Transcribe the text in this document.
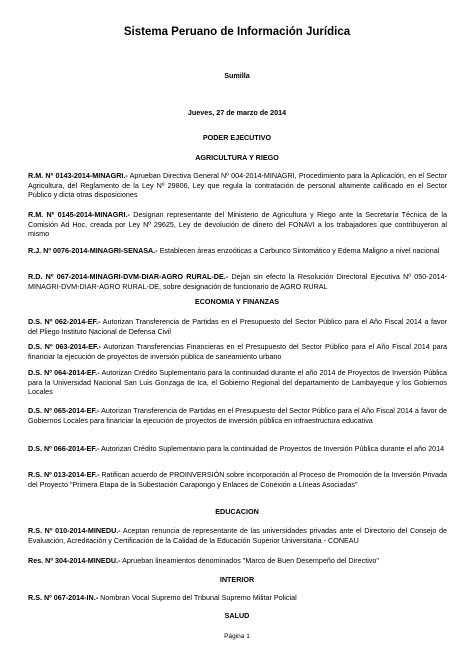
Sistema Peruano de Información Jurídica
Sumilla
Jueves, 27 de marzo de 2014
PODER EJECUTIVO
AGRICULTURA Y RIEGO
R.M. Nº 0143-2014-MINAGRI.- Aprueban Directiva General Nº 004-2014-MINAGRI, Procedimiento para la Aplicación, en el Sector Agricultura, del Reglamento de la Ley Nº 29806, Ley que regula la contratación de personal altamente calificado en el Sector Público y dicta otras disposiciones
R.M. Nº 0145-2014-MINAGRI.- Designan representante del Ministerio de Agricultura y Riego ante la Secretaría Técnica de la Comisión Ad Hoc, creada por Ley Nº 29625, Ley de devolución de dinero del FONAVI a los trabajadores que contribuyeron al mismo
R.J. Nº 0076-2014-MINAGRI-SENASA.- Establecen áreas enzoóticas a Carbunco Sintomático y Edema Maligno a nivel nacional
R.D. Nº 067-2014-MINAGRI-DVM-DIAR-AGRO RURAL-DE.- Dejan sin efecto la Resolución Directoral Ejecutiva Nº 050-2014-MINAGRI-DVM-DIAR-AGRO RURAL-DE, sobre designación de funcionario de AGRO RURAL
ECONOMIA Y FINANZAS
D.S. Nº 062-2014-EF.- Autorizan Transferencia de Partidas en el Presupuesto del Sector Público para el Año Fiscal 2014 a favor del Pliego Instituto Nacional de Defensa Civil
D.S. Nº 063-2014-EF.- Autorizan Transferencias Financieras en el Presupuesto del Sector Público para el Año Fiscal 2014 para financiar la ejecución de proyectos de inversión pública de saneamiento urbano
D.S. Nº 064-2014-EF.- Autorizan Crédito Suplementario para la continuidad durante el año 2014 de Proyectos de Inversión Pública para la Universidad Nacional San Luis Gonzaga de Ica, el Gobierno Regional del departamento de Lambayeque y los Gobiernos Locales
D.S. Nº 065-2014-EF.- Autorizan Transferencia de Partidas en el Presupuesto del Sector Público para el Año Fiscal 2014 a favor de Gobiernos Locales para financiar la ejecución de proyectos de inversión pública en infraestructura educativa
D.S. Nº 066-2014-EF.- Autorizan Crédito Suplementario para la continuidad de Proyectos de Inversión Pública durante el año 2014
R.S. Nº 013-2014-EF.- Ratifican acuerdo de PROINVERSIÓN sobre incorporación al Proceso de Promoción de la Inversión Privada del Proyecto "Primera Etapa de la Subestación Carapongo y Enlaces de Conexión a Líneas Asociadas"
EDUCACION
R.S. Nº 010-2014-MINEDU.- Aceptan renuncia de representante de las universidades privadas ante el Directorio del Consejo de Evaluación, Acreditación y Certificación de la Calidad de la Educación Superior Universitaria - CONEAU
Res. Nº 304-2014-MINEDU.- Aprueban lineamientos denominados "Marco de Buen Desempeño del Directivo"
INTERIOR
R.S. Nº 067-2014-IN.- Nombran Vocal Supremo del Tribunal Supremo Militar Policial
SALUD
Página 1
